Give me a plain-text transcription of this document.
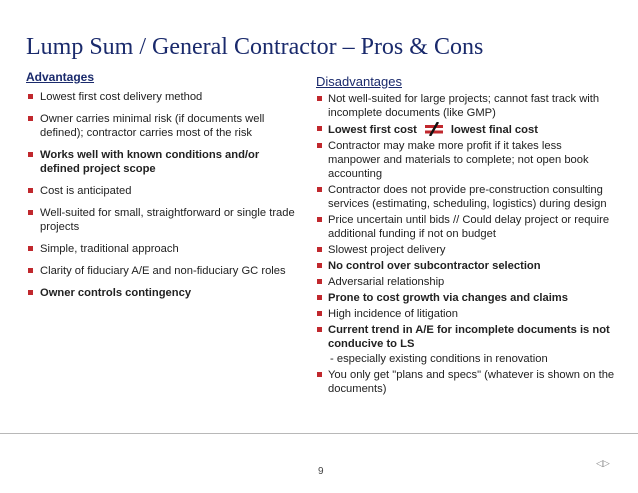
Lump Sum / General Contractor – Pros & Cons
Advantages
Lowest first cost delivery method
Owner carries minimal risk (if documents well defined); contractor carries most of the risk
Works well with known conditions and/or defined project scope
Cost is anticipated
Well-suited for small, straightforward or single trade projects
Simple, traditional approach
Clarity of fiduciary A/E and non-fiduciary GC roles
Owner controls contingency
Disadvantages
Not well-suited for large projects; cannot fast track with incomplete documents (like GMP)
Lowest first cost	lowest final cost
Contractor may make more profit if it takes less manpower and materials to complete; not open book accounting
Contractor does not provide pre-construction consulting services (estimating, scheduling, logistics) during design
Price uncertain until bids // Could delay project or require additional funding if not on budget
Slowest project delivery
No control over subcontractor selection
Adversarial relationship
Prone to cost growth via changes and claims
High incidence of litigation
Current trend in A/E for incomplete documents is not conducive to LS
- especially existing conditions in renovation
You only get "plans and specs" (whatever is shown on the documents)
9
◁▷
